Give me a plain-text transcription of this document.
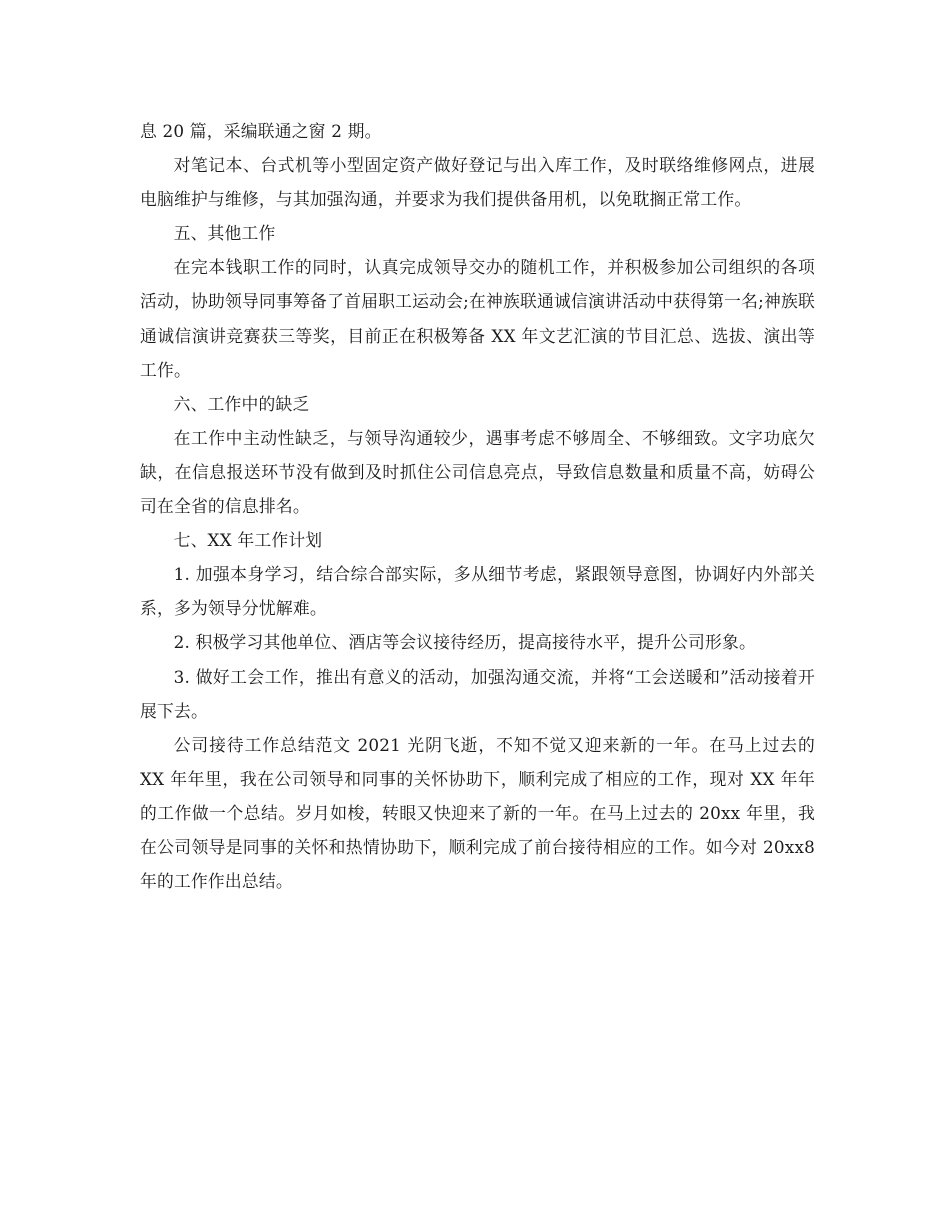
息 20 篇，采编联通之窗 2 期。

对笔记本、台式机等小型固定资产做好登记与出入库工作，及时联络维修网点，进展电脑维护与维修，与其加强沟通，并要求为我们提供备用机，以免耽搁正常工作。

五、其他工作

在完本钱职工作的同时，认真完成领导交办的随机工作，并积极参加公司组织的各项活动，协助领导同事筹备了首届职工运动会;在神族联通诚信演讲活动中获得第一名;神族联通诚信演讲竞赛获三等奖，目前正在积极筹备 XX 年文艺汇演的节目汇总、选拔、演出等工作。

六、工作中的缺乏

在工作中主动性缺乏，与领导沟通较少，遇事考虑不够周全、不够细致。文字功底欠缺，在信息报送环节没有做到及时抓住公司信息亮点，导致信息数量和质量不高，妨碍公司在全省的信息排名。

七、XX 年工作计划

1. 加强本身学习，结合综合部实际，多从细节考虑，紧跟领导意图，协调好内外部关系，多为领导分忧解难。

2. 积极学习其他单位、酒店等会议接待经历，提高接待水平，提升公司形象。

3. 做好工会工作，推出有意义的活动，加强沟通交流，并将“工会送暖和”活动接着开展下去。

公司接待工作总结范文 2021 光阴飞逝，不知不觉又迎来新的一年。在马上过去的 XX 年年里，我在公司领导和同事的关怀协助下，顺利完成了相应的工作，现对 XX 年年的工作做一个总结。岁月如梭，转眼又快迎来了新的一年。在马上过去的 20xx 年里，我在公司领导是同事的关怀和热情协助下，顺利完成了前台接待相应的工作。如今对 20xx8 年的工作作出总结。
